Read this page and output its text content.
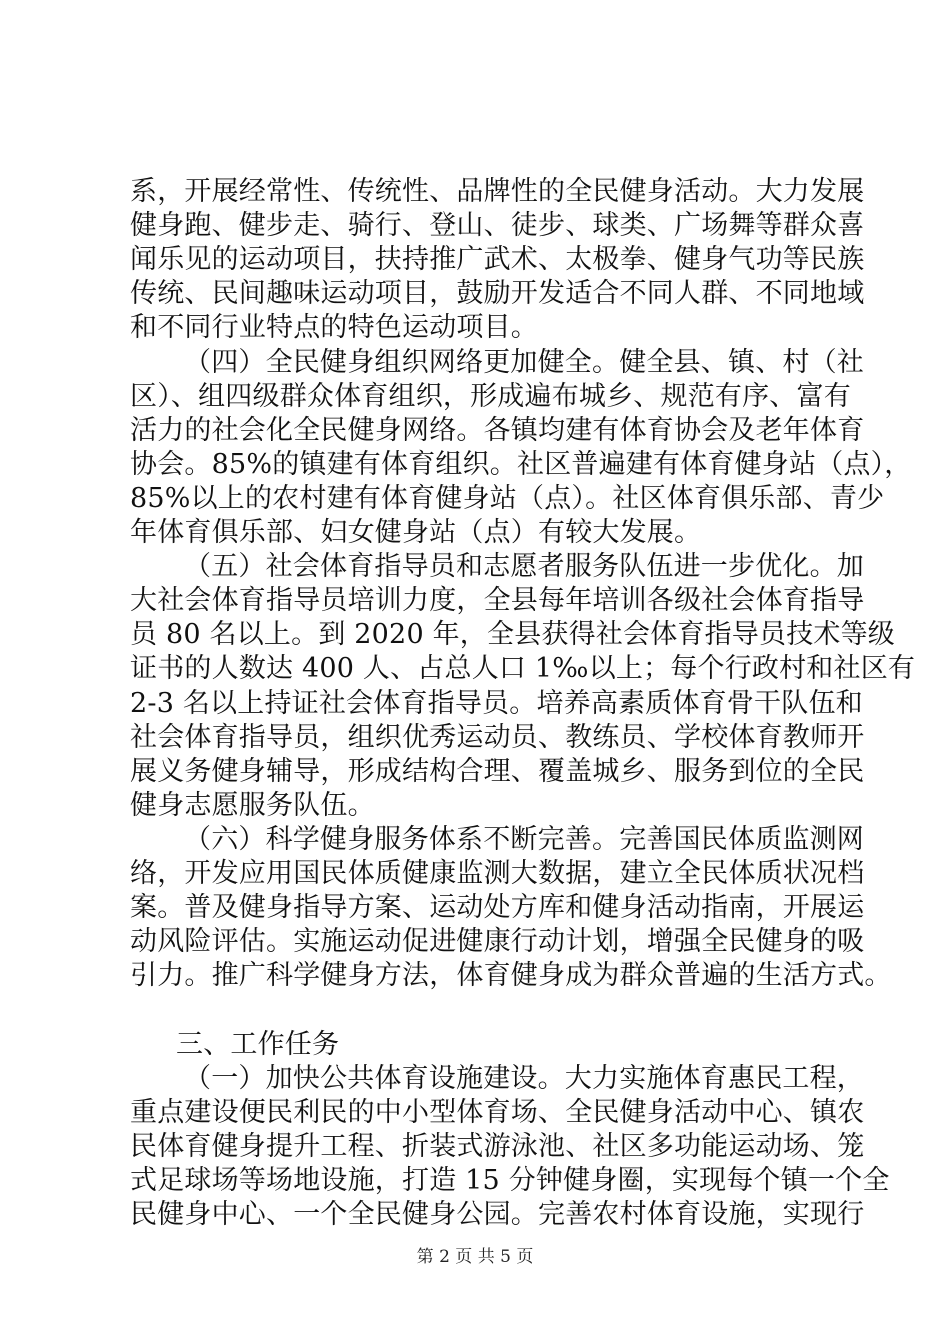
系，开展经常性、传统性、品牌性的全民健身活动。大力发展
健身跑、健步走、骑行、登山、徒步、球类、广场舞等群众喜
闻乐见的运动项目，扶持推广武术、太极拳、健身气功等民族
传统、民间趣味运动项目，鼓励开发适合不同人群、不同地域
和不同行业特点的特色运动项目。
（四）全民健身组织网络更加健全。健全县、镇、村（社
区）、组四级群众体育组织，形成遍布城乡、规范有序、富有
活力的社会化全民健身网络。各镇均建有体育协会及老年体育
协会。85%的镇建有体育组织。社区普遍建有体育健身站（点），
85%以上的农村建有体育健身站（点）。社区体育俱乐部、青少
年体育俱乐部、妇女健身站（点）有较大发展。
（五）社会体育指导员和志愿者服务队伍进一步优化。加
大社会体育指导员培训力度，全县每年培训各级社会体育指导
员 80 名以上。到 2020 年，全县获得社会体育指导员技术等级
证书的人数达 400 人、占总人口 1‰以上；每个行政村和社区有
2-3 名以上持证社会体育指导员。培养高素质体育骨干队伍和
社会体育指导员，组织优秀运动员、教练员、学校体育教师开
展义务健身辅导，形成结构合理、覆盖城乡、服务到位的全民
健身志愿服务队伍。
（六）科学健身服务体系不断完善。完善国民体质监测网
络，开发应用国民体质健康监测大数据，建立全民体质状况档
案。普及健身指导方案、运动处方库和健身活动指南，开展运
动风险评估。实施运动促进健康行动计划，增强全民健身的吸
引力。推广科学健身方法，体育健身成为群众普遍的生活方式。
三、工作任务
（一）加快公共体育设施建设。大力实施体育惠民工程，
重点建设便民利民的中小型体育场、全民健身活动中心、镇农
民体育健身提升工程、折装式游泳池、社区多功能运动场、笼
式足球场等场地设施，打造 15 分钟健身圈，实现每个镇一个全
民健身中心、一个全民健身公园。完善农村体育设施，实现行
第 2 页 共 5 页
